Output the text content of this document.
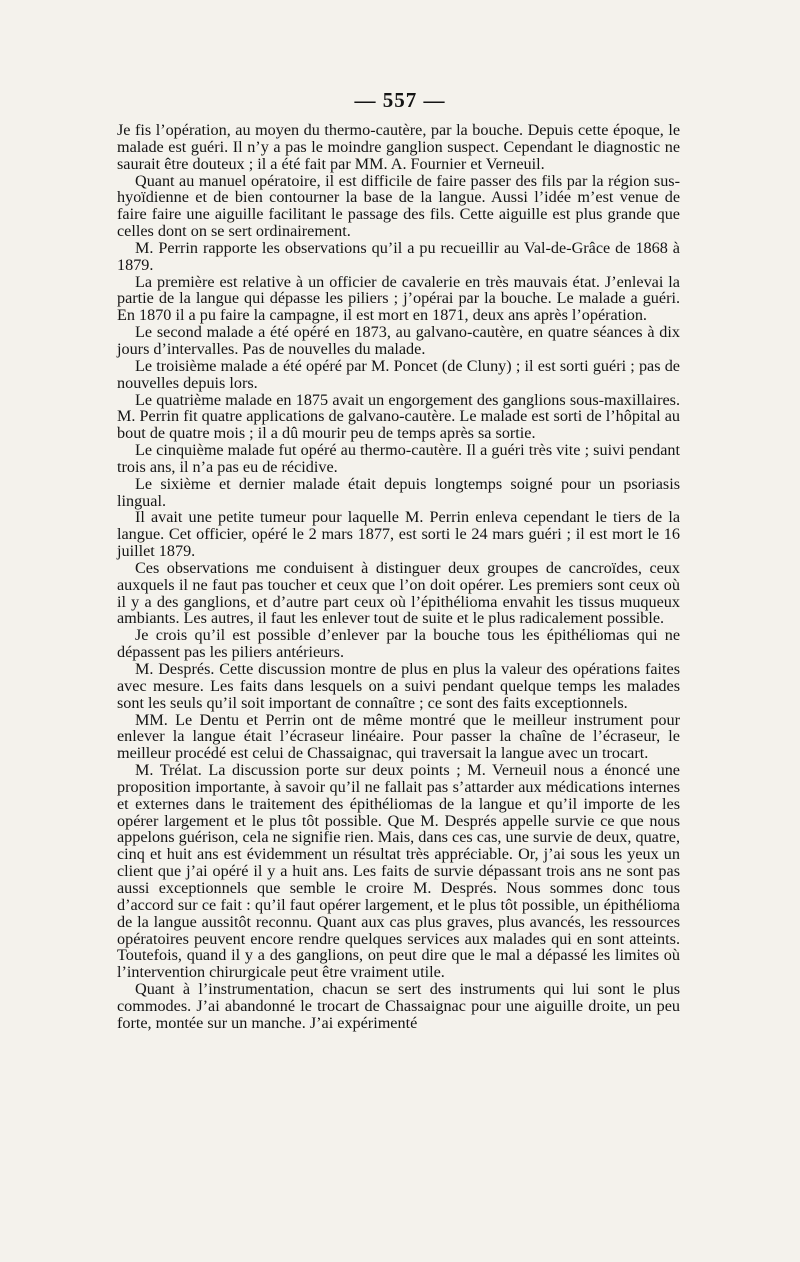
— 557 —

Je fis l’opération, au moyen du thermo-cautère, par la bouche. Depuis cette époque, le malade est guéri. Il n’y a pas le moindre ganglion suspect. Cependant le diagnostic ne saurait être douteux ; il a été fait par MM. A. Fournier et Verneuil.

Quant au manuel opératoire, il est difficile de faire passer des fils par la région sus-hyoïdienne et de bien contourner la base de la langue. Aussi l’idée m’est venue de faire faire une aiguille facilitant le passage des fils. Cette aiguille est plus grande que celles dont on se sert ordinairement.

M. Perrin rapporte les observations qu’il a pu recueillir au Val-de-Grâce de 1868 à 1879.

La première est relative à un officier de cavalerie en très mauvais état. J’enlevai la partie de la langue qui dépasse les piliers ; j’opérai par la bouche. Le malade a guéri. En 1870 il a pu faire la campagne, il est mort en 1871, deux ans après l’opération.

Le second malade a été opéré en 1873, au galvano-cautère, en quatre séances à dix jours d’intervalles. Pas de nouvelles du malade.

Le troisième malade a été opéré par M. Poncet (de Cluny) ; il est sorti guéri ; pas de nouvelles depuis lors.

Le quatrième malade en 1875 avait un engorgement des ganglions sous-maxillaires. M. Perrin fit quatre applications de galvano-cautère. Le malade est sorti de l’hôpital au bout de quatre mois ; il a dû mourir peu de temps après sa sortie.

Le cinquième malade fut opéré au thermo-cautère. Il a guéri très vite ; suivi pendant trois ans, il n’a pas eu de récidive.

Le sixième et dernier malade était depuis longtemps soigné pour un psoriasis lingual.

Il avait une petite tumeur pour laquelle M. Perrin enleva cependant le tiers de la langue. Cet officier, opéré le 2 mars 1877, est sorti le 24 mars guéri ; il est mort le 16 juillet 1879.

Ces observations me conduisent à distinguer deux groupes de cancroïdes, ceux auxquels il ne faut pas toucher et ceux que l’on doit opérer. Les premiers sont ceux où il y a des ganglions, et d’autre part ceux où l’épithélioma envahit les tissus muqueux ambiants. Les autres, il faut les enlever tout de suite et le plus radicalement possible.

Je crois qu’il est possible d’enlever par la bouche tous les épithéliomas qui ne dépassent pas les piliers antérieurs.

M. Després. Cette discussion montre de plus en plus la valeur des opérations faites avec mesure. Les faits dans lesquels on a suivi pendant quelque temps les malades sont les seuls qu’il soit important de connaître ; ce sont des faits exceptionnels.

MM. Le Dentu et Perrin ont de même montré que le meilleur instrument pour enlever la langue était l’écraseur linéaire. Pour passer la chaîne de l’écraseur, le meilleur procédé est celui de Chassaignac, qui traversait la langue avec un trocart.

M. Trélat. La discussion porte sur deux points ; M. Verneuil nous a énoncé une proposition importante, à savoir qu’il ne fallait pas s’attarder aux médications internes et externes dans le traitement des épithéliomas de la langue et qu’il importe de les opérer largement et le plus tôt possible. Que M. Després appelle survie ce que nous appelons guérison, cela ne signifie rien. Mais, dans ces cas, une survie de deux, quatre, cinq et huit ans est évidemment un résultat très appréciable. Or, j’ai sous les yeux un client que j’ai opéré il y a huit ans. Les faits de survie dépassant trois ans ne sont pas aussi exceptionnels que semble le croire M. Després. Nous sommes donc tous d’accord sur ce fait : qu’il faut opérer largement, et le plus tôt possible, un épithélioma de la langue aussitôt reconnu. Quant aux cas plus graves, plus avancés, les ressources opératoires peuvent encore rendre quelques services aux malades qui en sont atteints. Toutefois, quand il y a des ganglions, on peut dire que le mal a dépassé les limites où l’intervention chirurgicale peut être vraiment utile.

Quant à l’instrumentation, chacun se sert des instruments qui lui sont le plus commodes. J’ai abandonné le trocart de Chassaignac pour une aiguille droite, un peu forte, montée sur un manche. J’ai expérimenté
